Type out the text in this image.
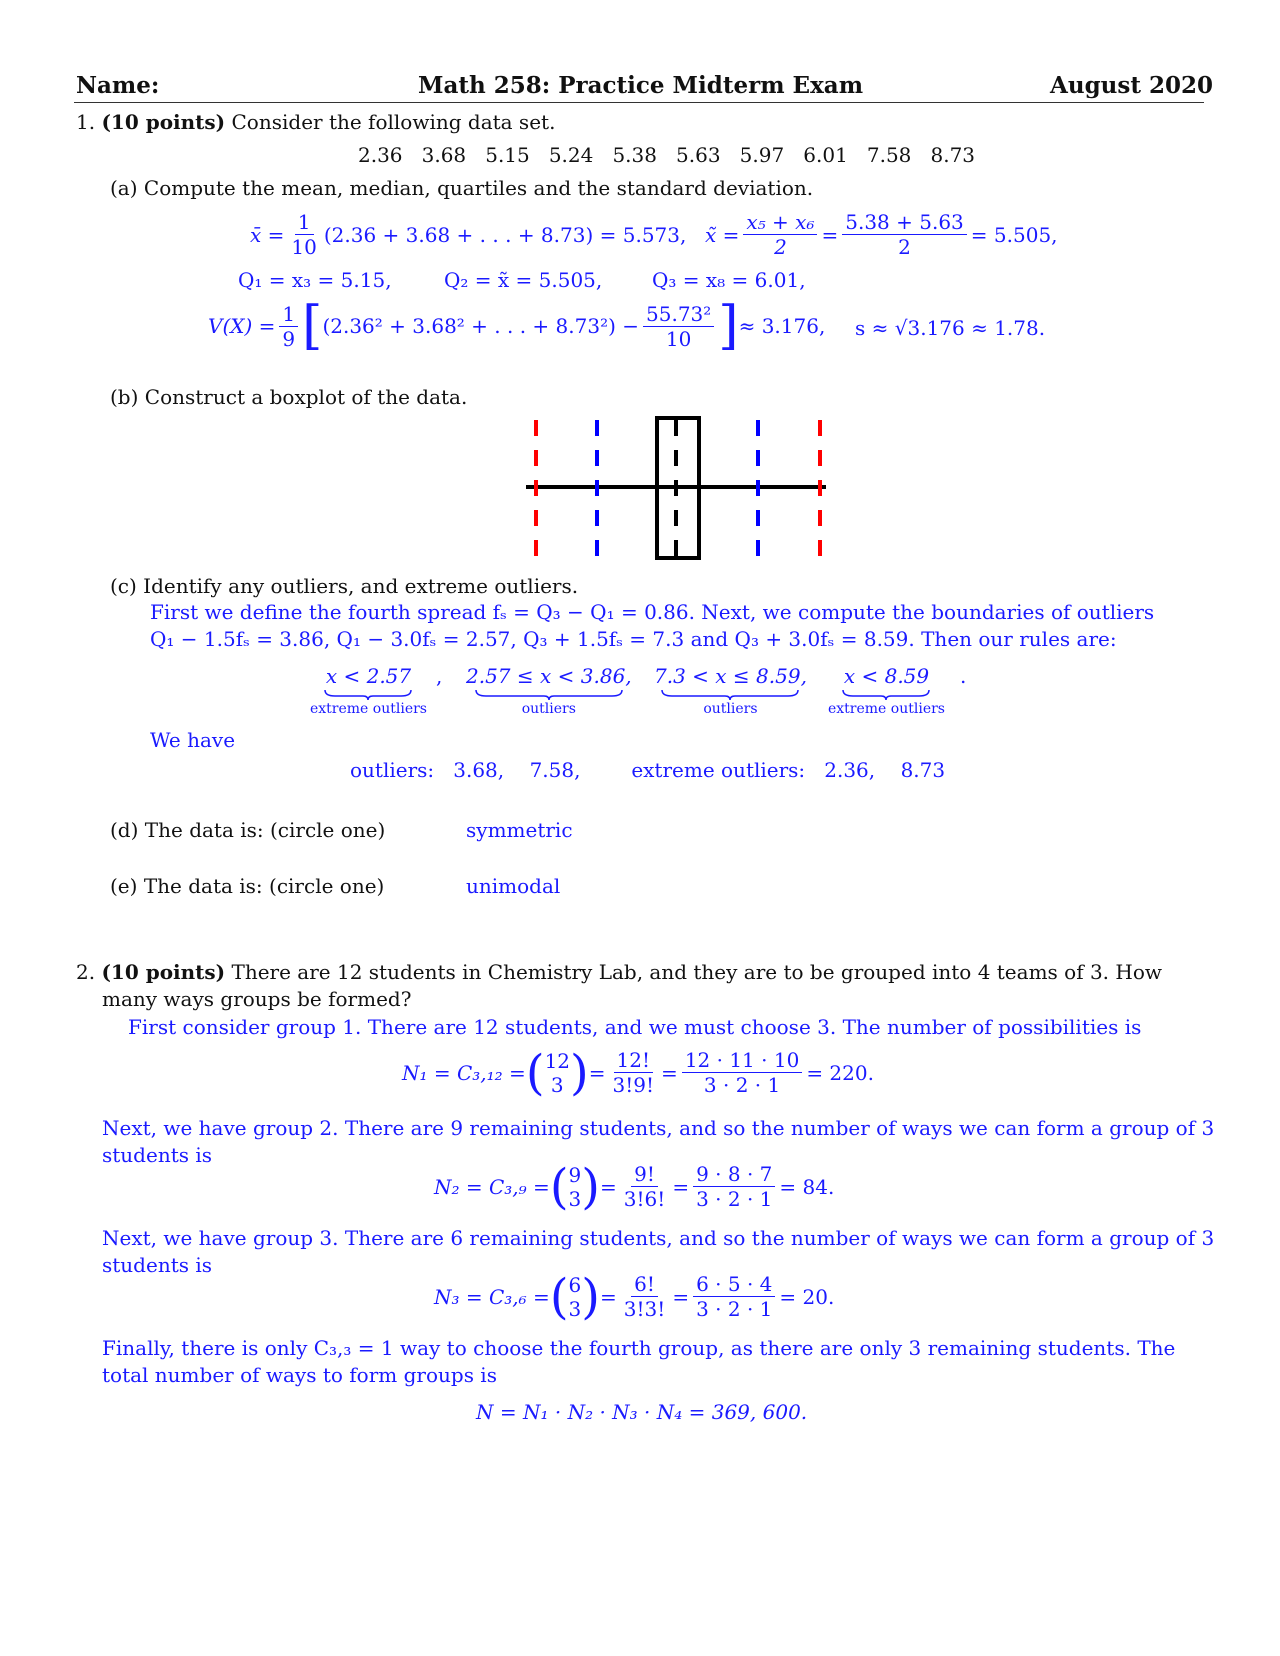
Name:	Math 258: Practice Midterm Exam	August 2020
1. (10 points) Consider the following data set.
2.36 3.68 5.15 5.24 5.38 5.63 5.97 6.01 7.58 8.73
(a) Compute the mean, median, quartiles and the standard deviation.
x̄ = $\frac{1}{10} (2.36 + 3.68$ + . . . + 8.73) = 5.573, x̃ = $\frac{\text{x₅ + x₆}}{2} = \frac{5.38 + 5.63}{2} = 5.505$,
Q₁ = x₃ = 5.15,	Q₂ = x̃ = 5.505, Q₃ = x₈ = 6.01,
$V(X) = \frac{1}{9}$ [ (2.36² + 3.68² + . . . + $8.73^2) - \frac{\text{55.73²}}{10}$ ] ≈ 3.176, s ≈ √3.176 ≈ 1.78.
(b) Construct a boxplot of the data.
(c) Identify any outliers, and extreme outliers.
First we define the fourth spread fₛ = Q₃ − Q₁ = 0.86. Next, we compute the boundaries of outliers
Q₁ − 1.5fₛ = 3.86, Q₁ − 3.0fₛ = 2.57, Q₃ + 1.5fₛ = 7.3 and Q₃ + 3.0fₛ = 8.59. Then our rules are:
x < 2.57
extreme outliers
, 2.57 ≤ x < 3.86,
outliers
7.3 < x ≤ 8.59,
outliers
x < 8.59
extreme outliers
.
We have
outliers: 3.68, 7.58,	extreme outliers: 2.36, 8.73
(d) The data is: (circle one)	symmetric
(e) The data is: (circle one)	unimodal
2. (10 points) There are 12 students in Chemistry Lab, and they are to be grouped into 4 teams of 3. How
many ways groups be formed?
First consider group 1. There are 12 students, and we must choose 3. The number of possibilities is
N₁ = C₃,₁₂ = ( 12
3 ) = $\frac{12!}{3!9!} = \frac{12 \cdot 11 \cdot 10}{3 \cdot 2 \cdot 1} = 220$.
Next, we have group 2. There are 9 remaining students, and so the number of ways we can form a group of 3
students is
N₂ = C₃,₉ = ( 9
3 ) = $\frac{9!}{3!6!} = \frac{9 \cdot 8 \cdot 7}{3 \cdot 2 \cdot 1} = 84$.
Next, we have group 3. There are 6 remaining students, and so the number of ways we can form a group of 3
students is
N₃ = C₃,₆ = ( 6
3 ) = $\frac{6!}{3!3!} = \frac{6 \cdot 5 \cdot 4}{3 \cdot 2 \cdot 1} = 20$.
Finally, there is only C₃,₃ = 1 way to choose the fourth group, as there are only 3 remaining students. The
total number of ways to form groups is
N = N₁ · N₂ · N₃ · N₄ = 369, 600.
